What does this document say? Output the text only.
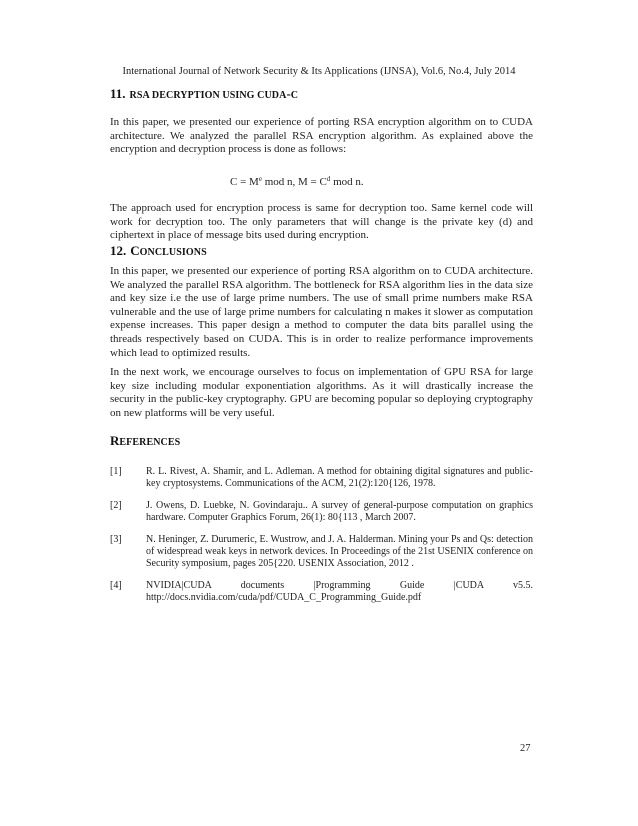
International Journal of Network Security & Its Applications (IJNSA), Vol.6, No.4, July 2014
11. RSA DECRYPTION USING CUDA-C

In this paper, we presented our experience of porting RSA encryption algorithm on to CUDA architecture. We analyzed the parallel RSA encryption algorithm. As explained above the encryption and decryption process is done as follows:

$C = M^e$ mod n, $M = C^d$ mod n.

The approach used for encryption process is same for decryption too. Same kernel code will work for decryption too. The only parameters that will change is the private key (d) and ciphertext in place of message bits used during encryption.

12. CONCLUSIONS

In this paper, we presented our experience of porting RSA algorithm on to CUDA architecture. We analyzed the parallel RSA algorithm. The bottleneck for RSA algorithm lies in the data size and key size i.e the use of large prime numbers. The use of small prime numbers make RSA vulnerable and the use of large prime numbers for calculating n makes it slower as computation expense increases. This paper design a method to computer the data bits parallel using the threads respectively based on CUDA. This is in order to realize performance improvements which lead to optimized results.

In the next work, we encourage ourselves to focus on implementation of GPU RSA for large key size including modular exponentiation algorithms. As it will drastically increase the security in the public-key cryptography. GPU are becoming popular so deploying cryptography on new platforms will be very useful.

REFERENCES
[1] R. L. Rivest, A. Shamir, and L. Adleman. A method for obtaining digital signatures and public-key cryptosystems. Communications of the ACM, 21(2):120{126, 1978.
[2] J. Owens, D. Luebke, N. Govindaraju.. A survey of general-purpose computation on graphics hardware. Computer Graphics Forum, 26(1): 80{113 , March 2007.
[3] N. Heninger, Z. Durumeric, E. Wustrow, and J. A. Halderman. Mining your Ps and Qs: detection of widespread weak keys in network devices. In Proceedings of the 21st USENIX conference on Security symposium, pages 205{220. USENIX Association, 2012 .
[4] NVIDIA|CUDA documents |Programming Guide |CUDA v5.5. http://docs.nvidia.com/cuda/pdf/CUDA_C_Programming_Guide.pdf
27
